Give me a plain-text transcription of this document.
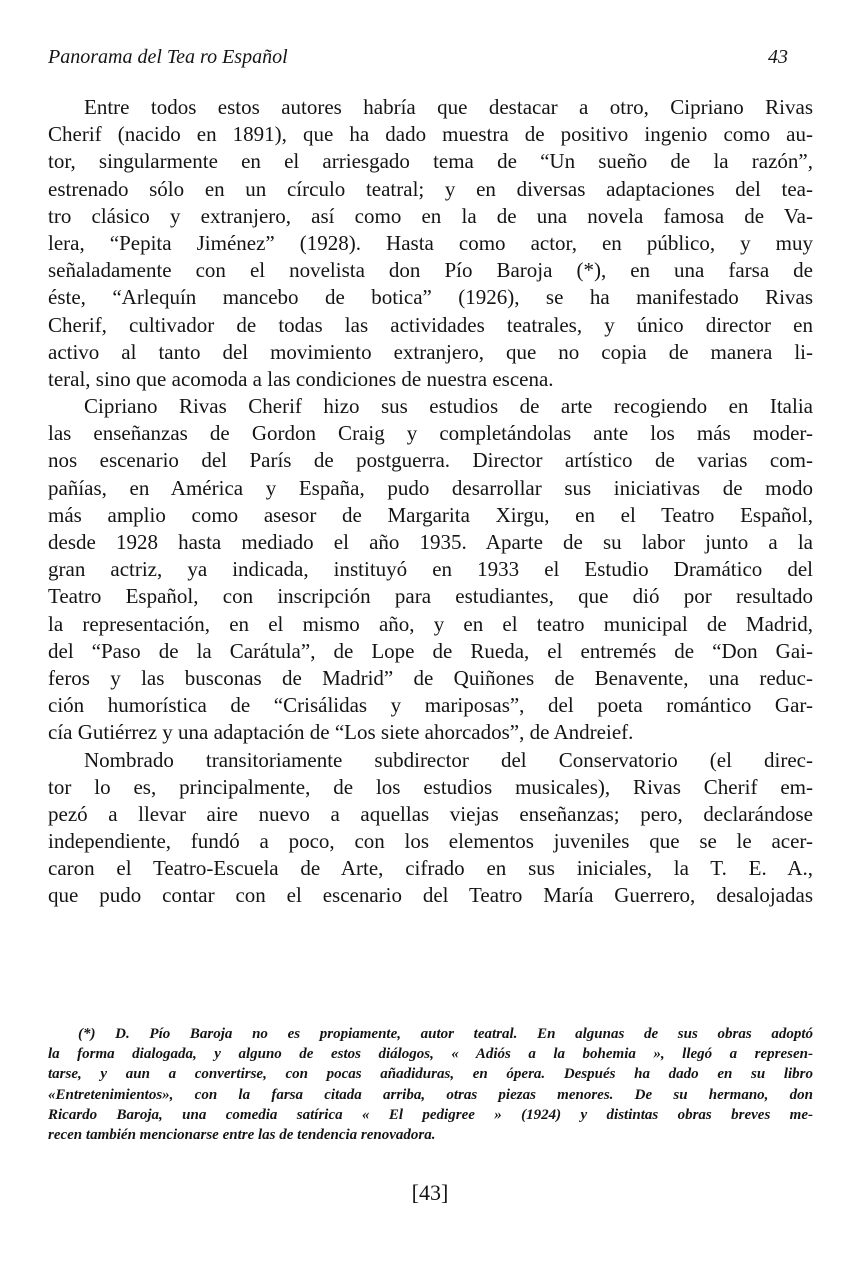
Panorama del Tea ro Español	43
Entre todos estos autores habría que destacar a otro, Cipriano Rivas
Cherif (nacido en 1891), que ha dado muestra de positivo ingenio como au-
tor, singularmente en el arriesgado tema de “Un sueño de la razón”,
estrenado sólo en un círculo teatral; y en diversas adaptaciones del tea-
tro clásico y extranjero, así como en la de una novela famosa de Va-
lera, “Pepita Jiménez” (1928). Hasta como actor, en público, y muy
señaladamente con el novelista don Pío Baroja (*), en una farsa de
éste, “Arlequín mancebo de botica” (1926), se ha manifestado Rivas
Cherif, cultivador de todas las actividades teatrales, y único director en
activo al tanto del movimiento extranjero, que no copia de manera li-
teral, sino que acomoda a las condiciones de nuestra escena.
Cipriano Rivas Cherif hizo sus estudios de arte recogiendo en Italia
las enseñanzas de Gordon Craig y completándolas ante los más moder-
nos escenario del París de postguerra. Director artístico de varias com-
pañías, en América y España, pudo desarrollar sus iniciativas de modo
más amplio como asesor de Margarita Xirgu, en el Teatro Español,
desde 1928 hasta mediado el año 1935. Aparte de su labor junto a la
gran actriz, ya indicada, instituyó en 1933 el Estudio Dramático del
Teatro Español, con inscripción para estudiantes, que dió por resultado
la representación, en el mismo año, y en el teatro municipal de Madrid,
del “Paso de la Carátula”, de Lope de Rueda, el entremés de “Don Gai-
feros y las busconas de Madrid” de Quiñones de Benavente, una reduc-
ción humorística de “Crisálidas y mariposas”, del poeta romántico Gar-
cía Gutiérrez y una adaptación de “Los siete ahorcados”, de Andreief.
Nombrado transitoriamente subdirector del Conservatorio (el direc-
tor lo es, principalmente, de los estudios musicales), Rivas Cherif em-
pezó a llevar aire nuevo a aquellas viejas enseñanzas; pero, declarándose
independiente, fundó a poco, con los elementos juveniles que se le acer-
caron el Teatro-Escuela de Arte, cifrado en sus iniciales, la T. E. A.,
que pudo contar con el escenario del Teatro María Guerrero, desalojadas
(*) D. Pío Baroja no es propiamente, autor teatral. En algunas de sus obras adoptó
la forma dialogada, y alguno de estos diálogos, « Adiós a la bohemia », llegó a represen-
tarse, y aun a convertirse, con pocas añadiduras, en ópera. Después ha dado en su libro
«Entretenimientos», con la farsa citada arriba, otras piezas menores. De su hermano, don
Ricardo Baroja, una comedia satírica « El pedigree » (1924) y distintas obras breves me-
recen también mencionarse entre las de tendencia renovadora.
[43]
